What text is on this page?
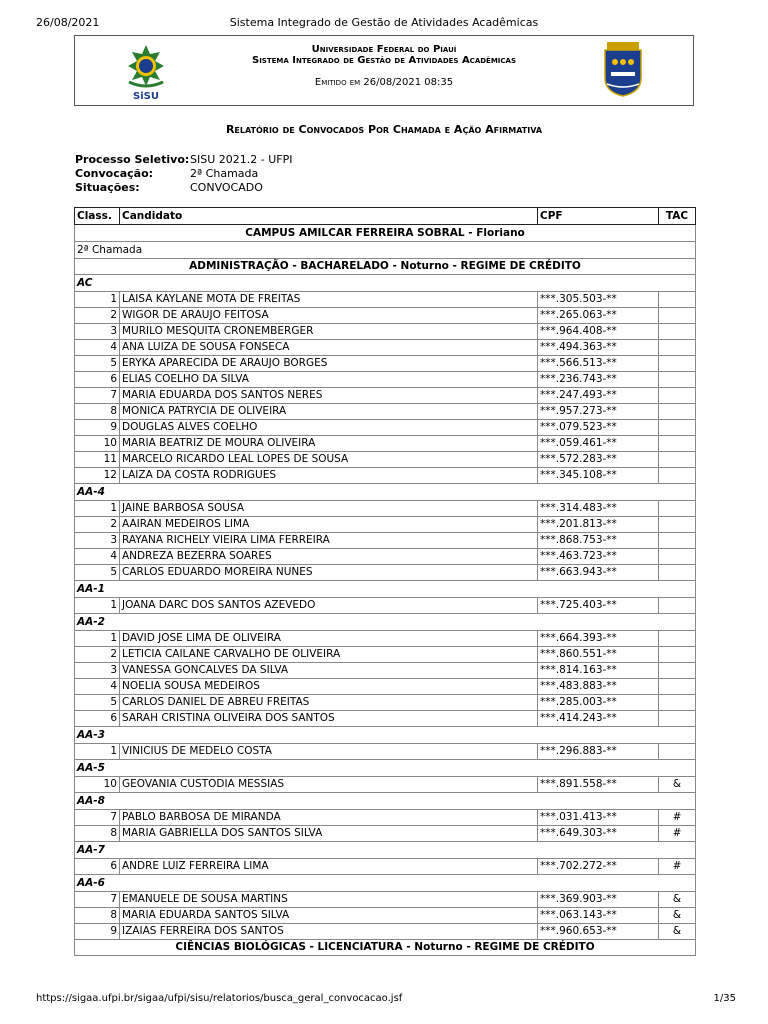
26/08/2021	Sistema Integrado de Gestão de Atividades Acadêmicas
SiSU
Universidade Federal do Piauí
Sistema Integrado de Gestão de Atividades Acadêmicas
Emitido em 26/08/2021 08:35
Relatório de Convocados Por Chamada e Ação Afirmativa
Processo Seletivo:SISU 2021.2 - UFPI
Convocação:	2ª Chamada
Situações:	CONVOCADO
Class.	Candidato	CPF	TAC
CAMPUS AMILCAR FERREIRA SOBRAL - Floriano			
2ª Chamada			
ADMINISTRAÇÃO - BACHARELADO - Noturno - REGIME DE CRÉDITO			
AC			
1	LAISA KAYLANE MOTA DE FREITAS	***.305.503-**	
2	WIGOR DE ARAUJO FEITOSA	***.265.063-**	
3	MURILO MESQUITA CRONEMBERGER	***.964.408-**	
4	ANA LUIZA DE SOUSA FONSECA	***.494.363-**	
5	ERYKA APARECIDA DE ARAUJO BORGES	***.566.513-**	
6	ELIAS COELHO DA SILVA	***.236.743-**	
7	MARIA EDUARDA DOS SANTOS NERES	***.247.493-**	
8	MONICA PATRYCIA DE OLIVEIRA	***.957.273-**	
9	DOUGLAS ALVES COELHO	***.079.523-**	
10	MARIA BEATRIZ DE MOURA OLIVEIRA	***.059.461-**	
11	MARCELO RICARDO LEAL LOPES DE SOUSA	***.572.283-**	
12	LAIZA DA COSTA RODRIGUES	***.345.108-**	
AA-4			
1	JAINE BARBOSA SOUSA	***.314.483-**	
2	AAIRAN MEDEIROS LIMA	***.201.813-**	
3	RAYANA RICHELY VIEIRA LIMA FERREIRA	***.868.753-**	
4	ANDREZA BEZERRA SOARES	***.463.723-**	
5	CARLOS EDUARDO MOREIRA NUNES	***.663.943-**	
AA-1			
1	JOANA DARC DOS SANTOS AZEVEDO	***.725.403-**	
AA-2			
1	DAVID JOSE LIMA DE OLIVEIRA	***.664.393-**	
2	LETICIA CAILANE CARVALHO DE OLIVEIRA	***.860.551-**	
3	VANESSA GONCALVES DA SILVA	***.814.163-**	
4	NOELIA SOUSA MEDEIROS	***.483.883-**	
5	CARLOS DANIEL DE ABREU FREITAS	***.285.003-**	
6	SARAH CRISTINA OLIVEIRA DOS SANTOS	***.414.243-**	
AA-3			
1	VINICIUS DE MEDELO COSTA	***.296.883-**	
AA-5			
10	GEOVANIA CUSTODIA MESSIAS	***.891.558-**	&
AA-8			
7	PABLO BARBOSA DE MIRANDA	***.031.413-**	#
8	MARIA GABRIELLA DOS SANTOS SILVA	***.649.303-**	#
AA-7			
6	ANDRE LUIZ FERREIRA LIMA	***.702.272-**	#
AA-6			
7	EMANUELE DE SOUSA MARTINS	***.369.903-**	&
8	MARIA EDUARDA SANTOS SILVA	***.063.143-**	&
9	IZAIAS FERREIRA DOS SANTOS	***.960.653-**	&
CIÊNCIAS BIOLÓGICAS - LICENCIATURA - Noturno - REGIME DE CRÉDITO			
https://sigaa.ufpi.br/sigaa/ufpi/sisu/relatorios/busca_geral_convocacao.jsf	1/35
